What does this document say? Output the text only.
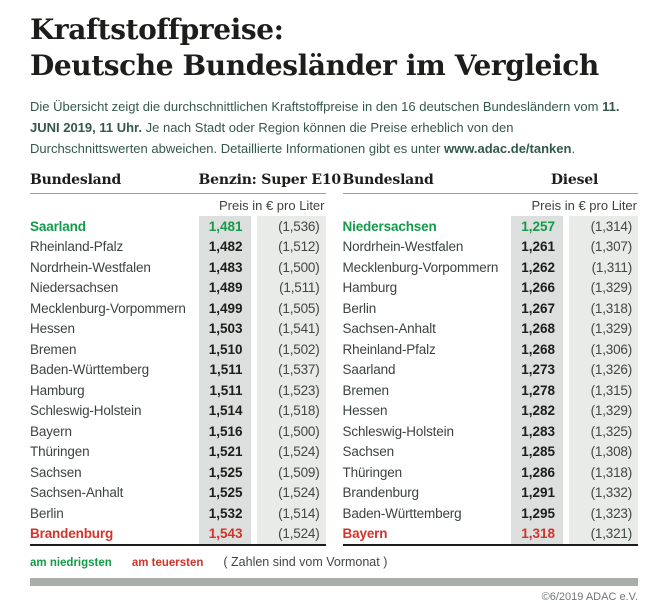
Kraftstoffpreise:
Deutsche Bundesländer im Vergleich

Die Übersicht zeigt die durchschnittlichen Kraftstoffpreise in den 16 deutschen Bundesländern vom 11. JUNI 2019, 11 Uhr. Je nach Stadt oder Region können die Preise erheblich von den Durchschnittswerten abweichen. Detaillierte Informationen gibt es unter www.adac.de/tanken.

Bundesland	Benzin: Super E10
Preis in € pro Liter
Saarland	1,481	(1,536)
Rheinland-Pfalz	1,482	(1,512)
Nordrhein-Westfalen	1,483	(1,500)
Niedersachsen	1,489	(1,511)
Mecklenburg-Vorpommern	1,499	(1,505)
Hessen	1,503	(1,541)
Bremen	1,510	(1,502)
Baden-Württemberg	1,511	(1,537)
Hamburg	1,511	(1,523)
Schleswig-Holstein	1,514	(1,518)
Bayern	1,516	(1,500)
Thüringen	1,521	(1,524)
Sachsen	1,525	(1,509)
Sachsen-Anhalt	1,525	(1,524)
Berlin	1,532	(1,514)
Brandenburg	1,543	(1,524)
Bundesland	Diesel
Preis in € pro Liter
Niedersachsen	1,257	(1,314)
Nordrhein-Westfalen	1,261	(1,307)
Mecklenburg-Vorpommern	1,262	(1,311)
Hamburg	1,266	(1,329)
Berlin	1,267	(1,318)
Sachsen-Anhalt	1,268	(1,329)
Rheinland-Pfalz	1,268	(1,306)
Saarland	1,273	(1,326)
Bremen	1,278	(1,315)
Hessen	1,282	(1,329)
Schleswig-Holstein	1,283	(1,325)
Sachsen	1,285	(1,308)
Thüringen	1,286	(1,318)
Brandenburg	1,291	(1,332)
Baden-Württemberg	1,295	(1,323)
Bayern	1,318	(1,321)
am niedrigsten am teuersten ( Zahlen sind vom Vormonat )
©6/2019 ADAC e.V.
